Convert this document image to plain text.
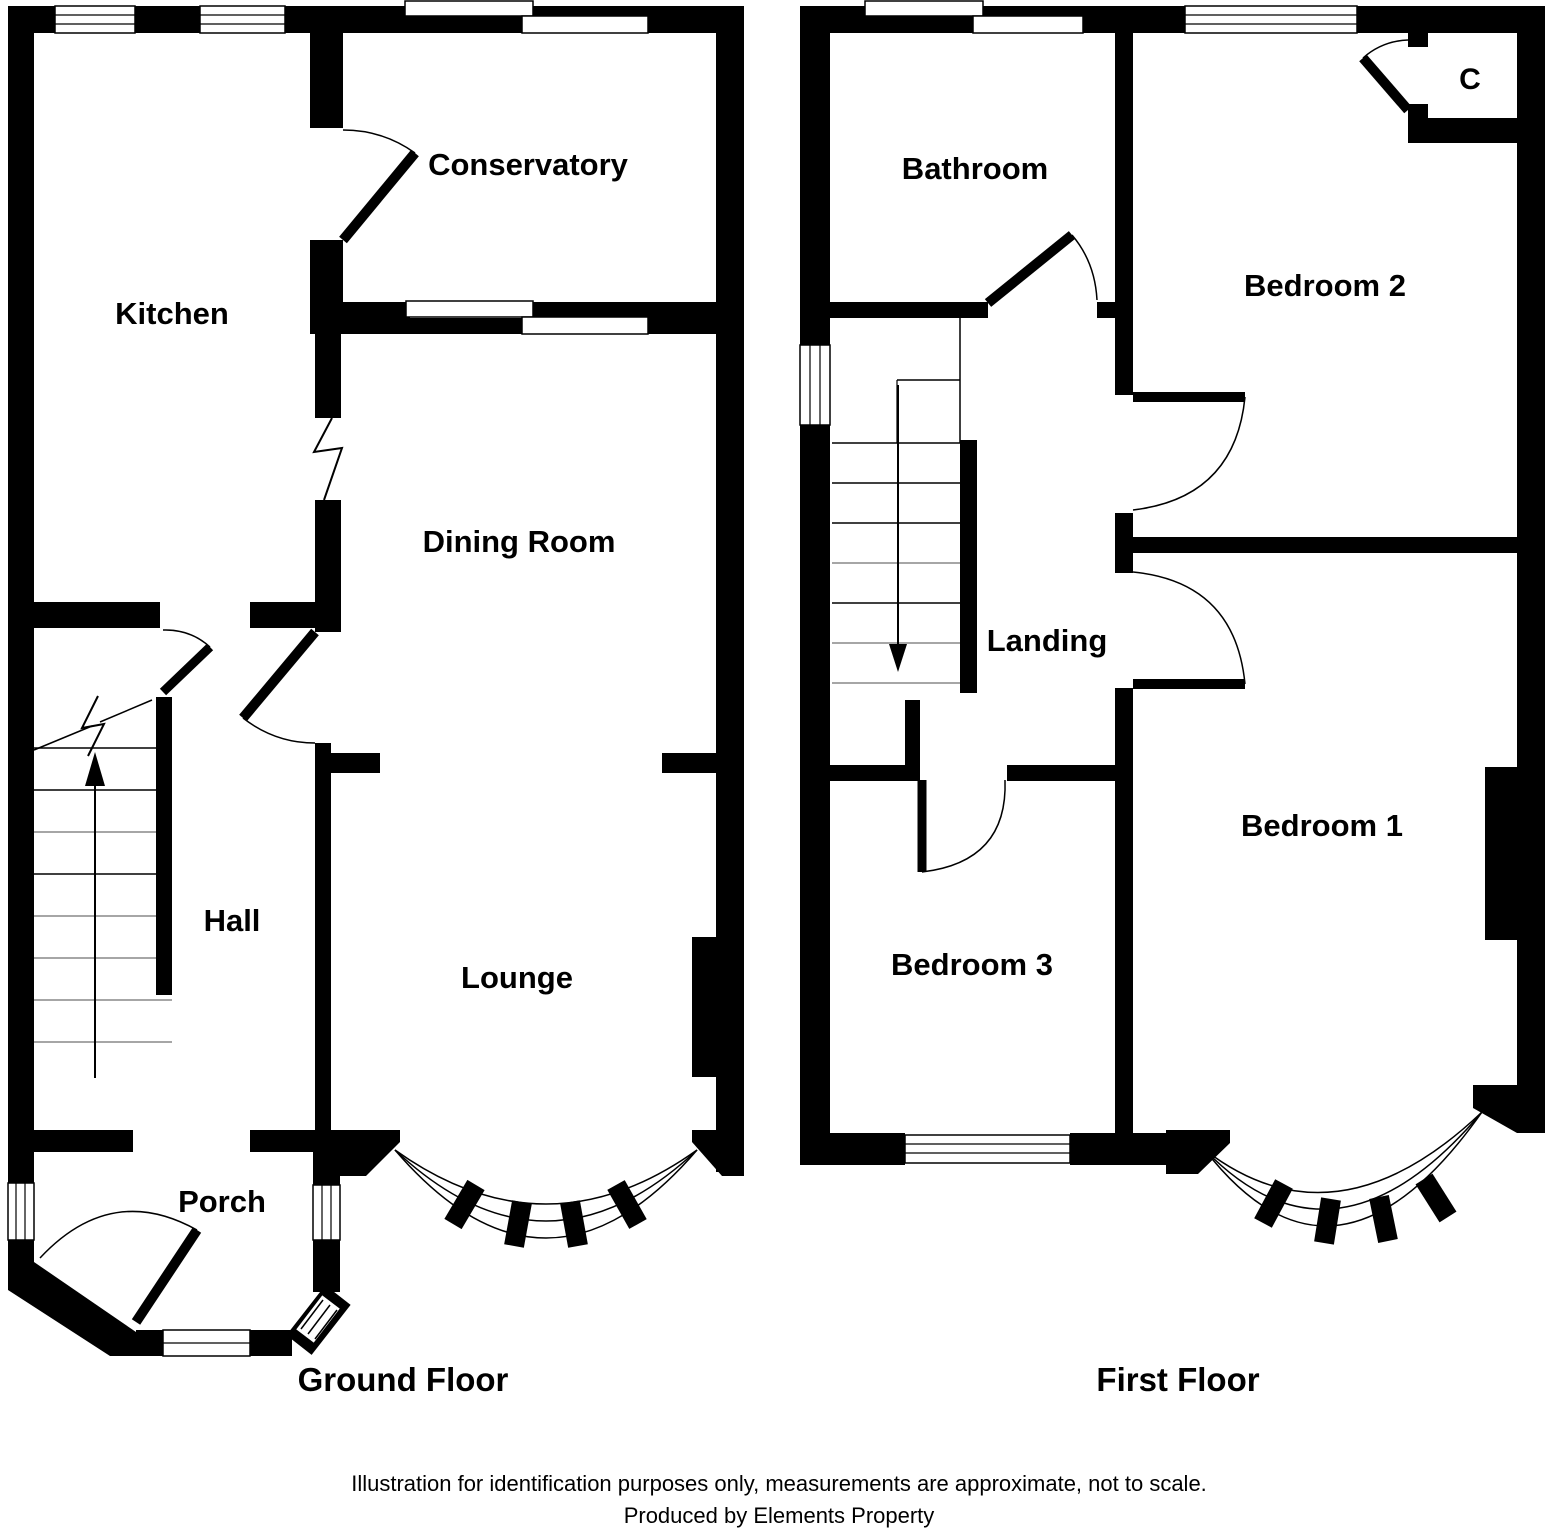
Kitchen
Conservatory
Dining Room
Hall
Lounge
Porch
Bathroom
Bedroom 2
C
Landing
Bedroom 3
Bedroom 1
Ground Floor	First Floor
Illustration for identification purposes only, measurements are approximate, not to scale.
Produced by Elements Property
